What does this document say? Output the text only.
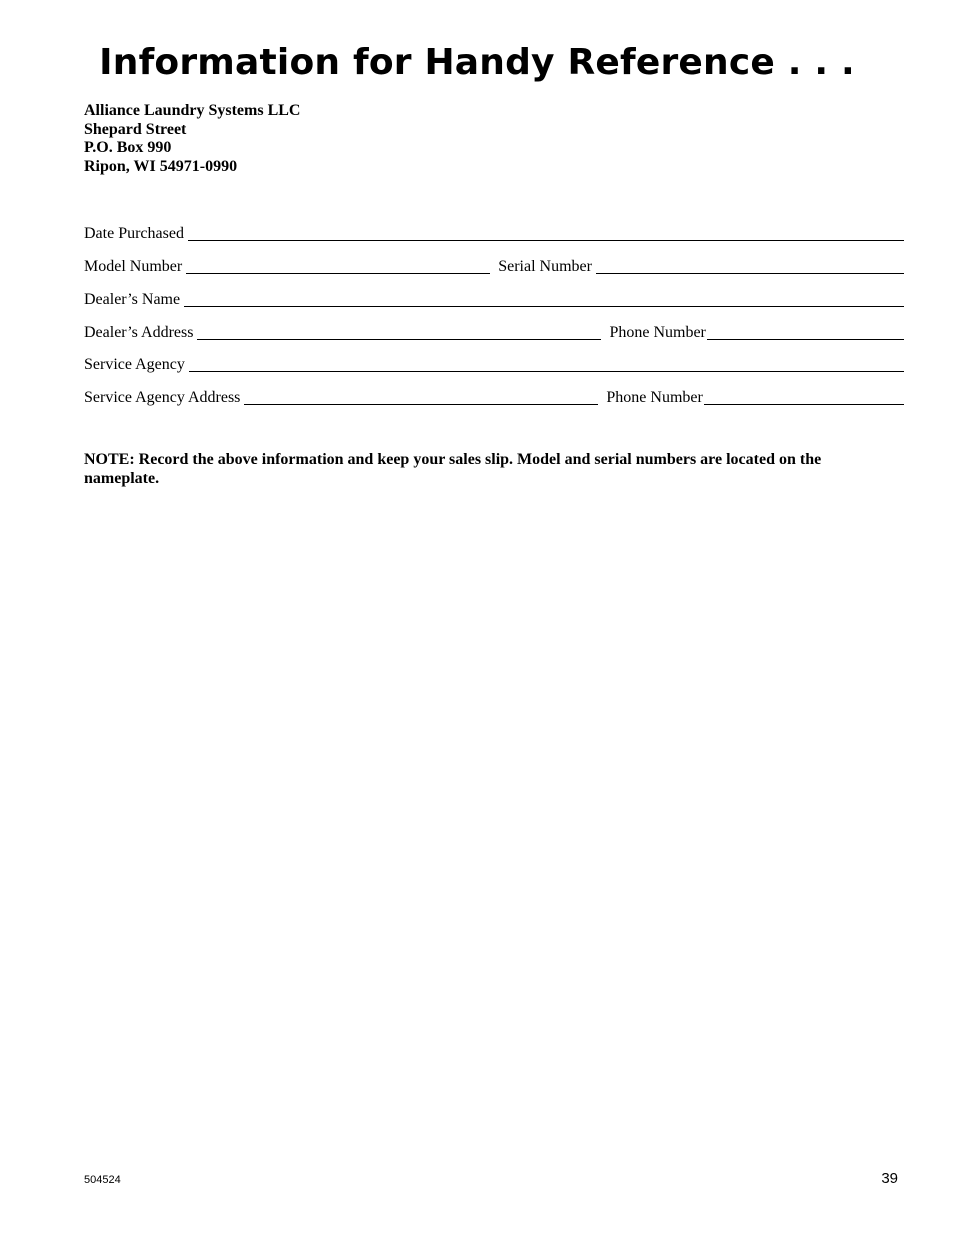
Information for Handy Reference . . .
Alliance Laundry Systems LLC
Shepard Street
P.O. Box 990
Ripon, WI 54971-0990
Date Purchased
Model Number	Serial Number
Dealer’s Name
Dealer’s Address	Phone Number
Service Agency
Service Agency Address	Phone Number
NOTE: Record the above information and keep your sales slip. Model and serial numbers are located on the nameplate.
504524	39
